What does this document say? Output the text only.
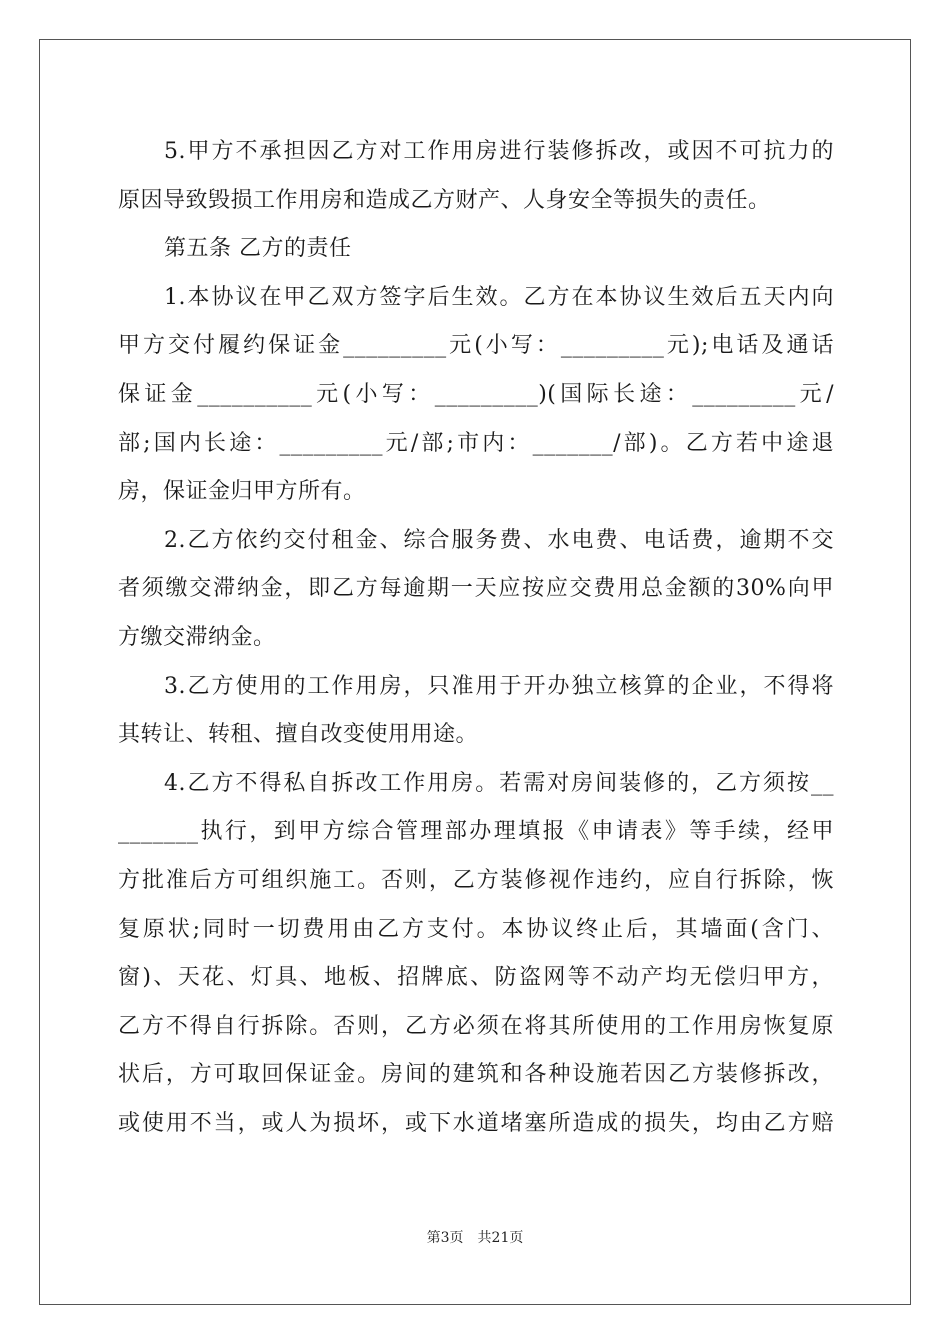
5.甲方不承担因乙方对工作用房进行装修拆改，或因不可抗力的
原因导致毁损工作用房和造成乙方财产、人身安全等损失的责任。
第五条 乙方的责任
1.本协议在甲乙双方签字后生效。乙方在本协议生效后五天内向
甲方交付履约保证金_________元(小写：_________元);电话及通话
保证金__________元(小写：_________)(国际长途：_________元/
部;国内长途：_________元/部;市内：_______/部)。乙方若中途退
房，保证金归甲方所有。
2.乙方依约交付租金、综合服务费、水电费、电话费，逾期不交
者须缴交滞纳金，即乙方每逾期一天应按应交费用总金额的30%向甲
方缴交滞纳金。
3.乙方使用的工作用房，只准用于开办独立核算的企业，不得将
其转让、转租、擅自改变使用用途。
4.乙方不得私自拆改工作用房。若需对房间装修的，乙方须按__
_______执行，到甲方综合管理部办理填报《申请表》等手续，经甲
方批准后方可组织施工。否则，乙方装修视作违约，应自行拆除，恢
复原状;同时一切费用由乙方支付。本协议终止后，其墙面(含门、
窗)、天花、灯具、地板、招牌底、防盗网等不动产均无偿归甲方，
乙方不得自行拆除。否则，乙方必须在将其所使用的工作用房恢复原
状后，方可取回保证金。房间的建筑和各种设施若因乙方装修拆改，
或使用不当，或人为损坏，或下水道堵塞所造成的损失，均由乙方赔
第3页 共21页
